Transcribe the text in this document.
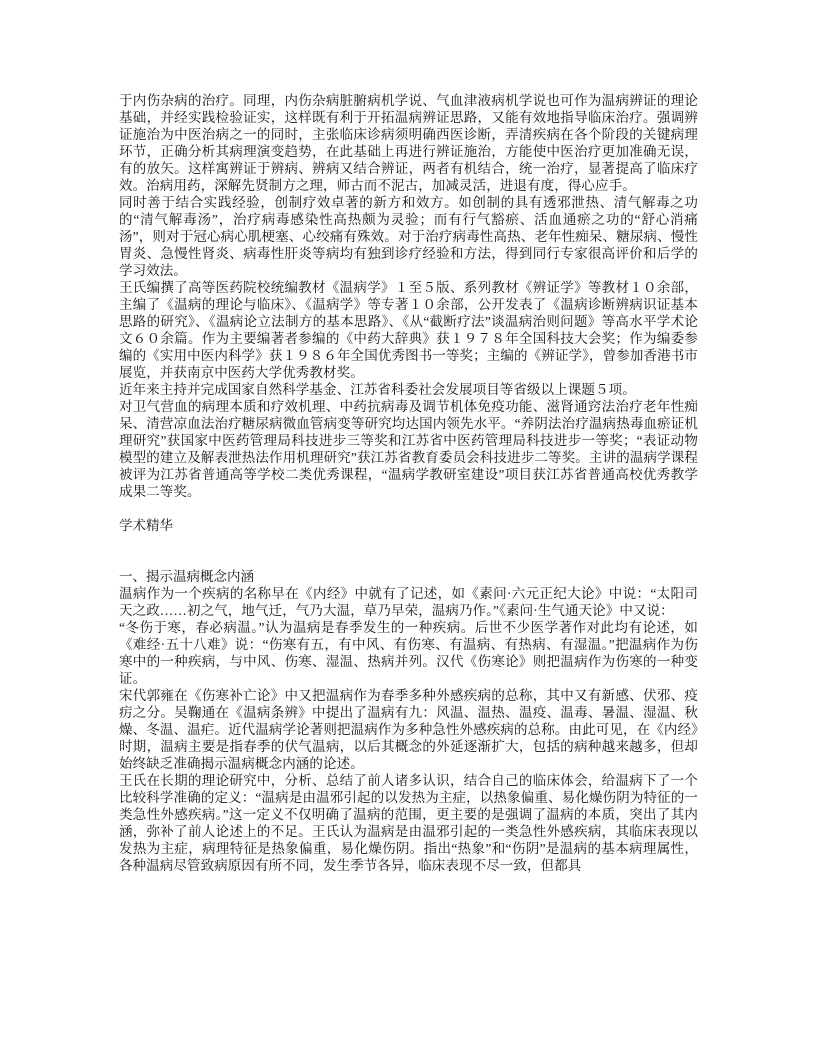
于内伤杂病的治疗。同理，内伤杂病脏腑病机学说、气血津液病机学说也可作为温病辨证的理论基础，并经实践检验证实，这样既有利于开拓温病辨证思路，又能有效地指导临床治疗。强调辨证施治为中医治病之一的同时，主张临床诊病须明确西医诊断，弄清疾病在各个阶段的关键病理环节，正确分析其病理演变趋势，在此基础上再进行辨证施治，方能使中医治疗更加准确无误，有的放矢。这样寓辨证于辨病、辨病又结合辨证，两者有机结合，统一治疗，显著提高了临床疗效。治病用药，深解先贤制方之理，师古而不泥古，加减灵活，进退有度，得心应手。

同时善于结合实践经验，创制疗效卓著的新方和效方。如创制的具有透邪泄热、清气解毒之功的“清气解毒汤”，治疗病毒感染性高热颇为灵验；而有行气豁瘀、活血通瘀之功的“舒心消痛汤”，则对于冠心病心肌梗塞、心绞痛有殊效。对于治疗病毒性高热、老年性痴呆、糖尿病、慢性胃炎、急慢性肾炎、病毒性肝炎等病均有独到诊疗经验和方法，得到同行专家很高评价和后学的学习效法。

王氏编撰了高等医药院校统编教材《温病学》１至５版、系列教材《辨证学》等教材１０余部，主编了《温病的理论与临床》、《温病学》等专著１０余部，公开发表了《温病诊断辨病识证基本思路的研究》、《温病论立法制方的基本思路》、《从“截断疗法”谈温病治则问题》等高水平学术论文６０余篇。作为主要编著者参编的《中药大辞典》获１９７８年全国科技大会奖；作为编委参编的《实用中医内科学》获１９８６年全国优秀图书一等奖；主编的《辨证学》，曾参加香港书市展览，并获南京中医药大学优秀教材奖。

近年来主持并完成国家自然科学基金、江苏省科委社会发展项目等省级以上课题５项。

对卫气营血的病理本质和疗效机理、中药抗病毒及调节机体免疫功能、滋肾通窍法治疗老年性痴呆、清营凉血法治疗糖尿病微血管病变等研究均达国内领先水平。“养阴法治疗温病热毒血瘀证机理研究”获国家中医药管理局科技进步三等奖和江苏省中医药管理局科技进步一等奖；“表证动物模型的建立及解表泄热法作用机理研究”获江苏省教育委员会科技进步二等奖。主讲的温病学课程被评为江苏省普通高等学校二类优秀课程，“温病学教研室建设”项目获江苏省普通高校优秀教学成果二等奖。

学术精华

一、揭示温病概念内涵

温病作为一个疾病的名称早在《内经》中就有了记述，如《素问·六元正纪大论》中说：“太阳司天之政……初之气，地气迁，气乃大温，草乃早荣，温病乃作。”《素问·生气通天论》中又说：

“冬伤于寒，春必病温。”认为温病是春季发生的一种疾病。后世不少医学著作对此均有论述，如《难经·五十八难》说：“伤寒有五，有中风、有伤寒、有温病、有热病、有湿温。”把温病作为伤寒中的一种疾病，与中风、伤寒、湿温、热病并列。汉代《伤寒论》则把温病作为伤寒的一种变证。

宋代郭雍在《伤寒补亡论》中又把温病作为春季多种外感疾病的总称，其中又有新感、伏邪、疫疠之分。吴鞠通在《温病条辨》中提出了温病有九：风温、温热、温疫、温毒、暑温、湿温、秋燥、冬温、温疟。近代温病学论著则把温病作为多种急性外感疾病的总称。由此可见，在《内经》时期，温病主要是指春季的伏气温病，以后其概念的外延逐渐扩大，包括的病种越来越多，但却始终缺乏准确揭示温病概念内涵的论述。

王氏在长期的理论研究中，分析、总结了前人诸多认识，结合自己的临床体会，给温病下了一个比较科学准确的定义：“温病是由温邪引起的以发热为主症，以热象偏重、易化燥伤阴为特征的一类急性外感疾病。”这一定义不仅明确了温病的范围，更主要的是强调了温病的本质，突出了其内涵，弥补了前人论述上的不足。王氏认为温病是由温邪引起的一类急性外感疾病，其临床表现以发热为主症，病理特征是热象偏重，易化燥伤阴。指出“热象”和“伤阴”是温病的基本病理属性，各种温病尽管致病原因有所不同，发生季节各异，临床表现不尽一致，但都具
